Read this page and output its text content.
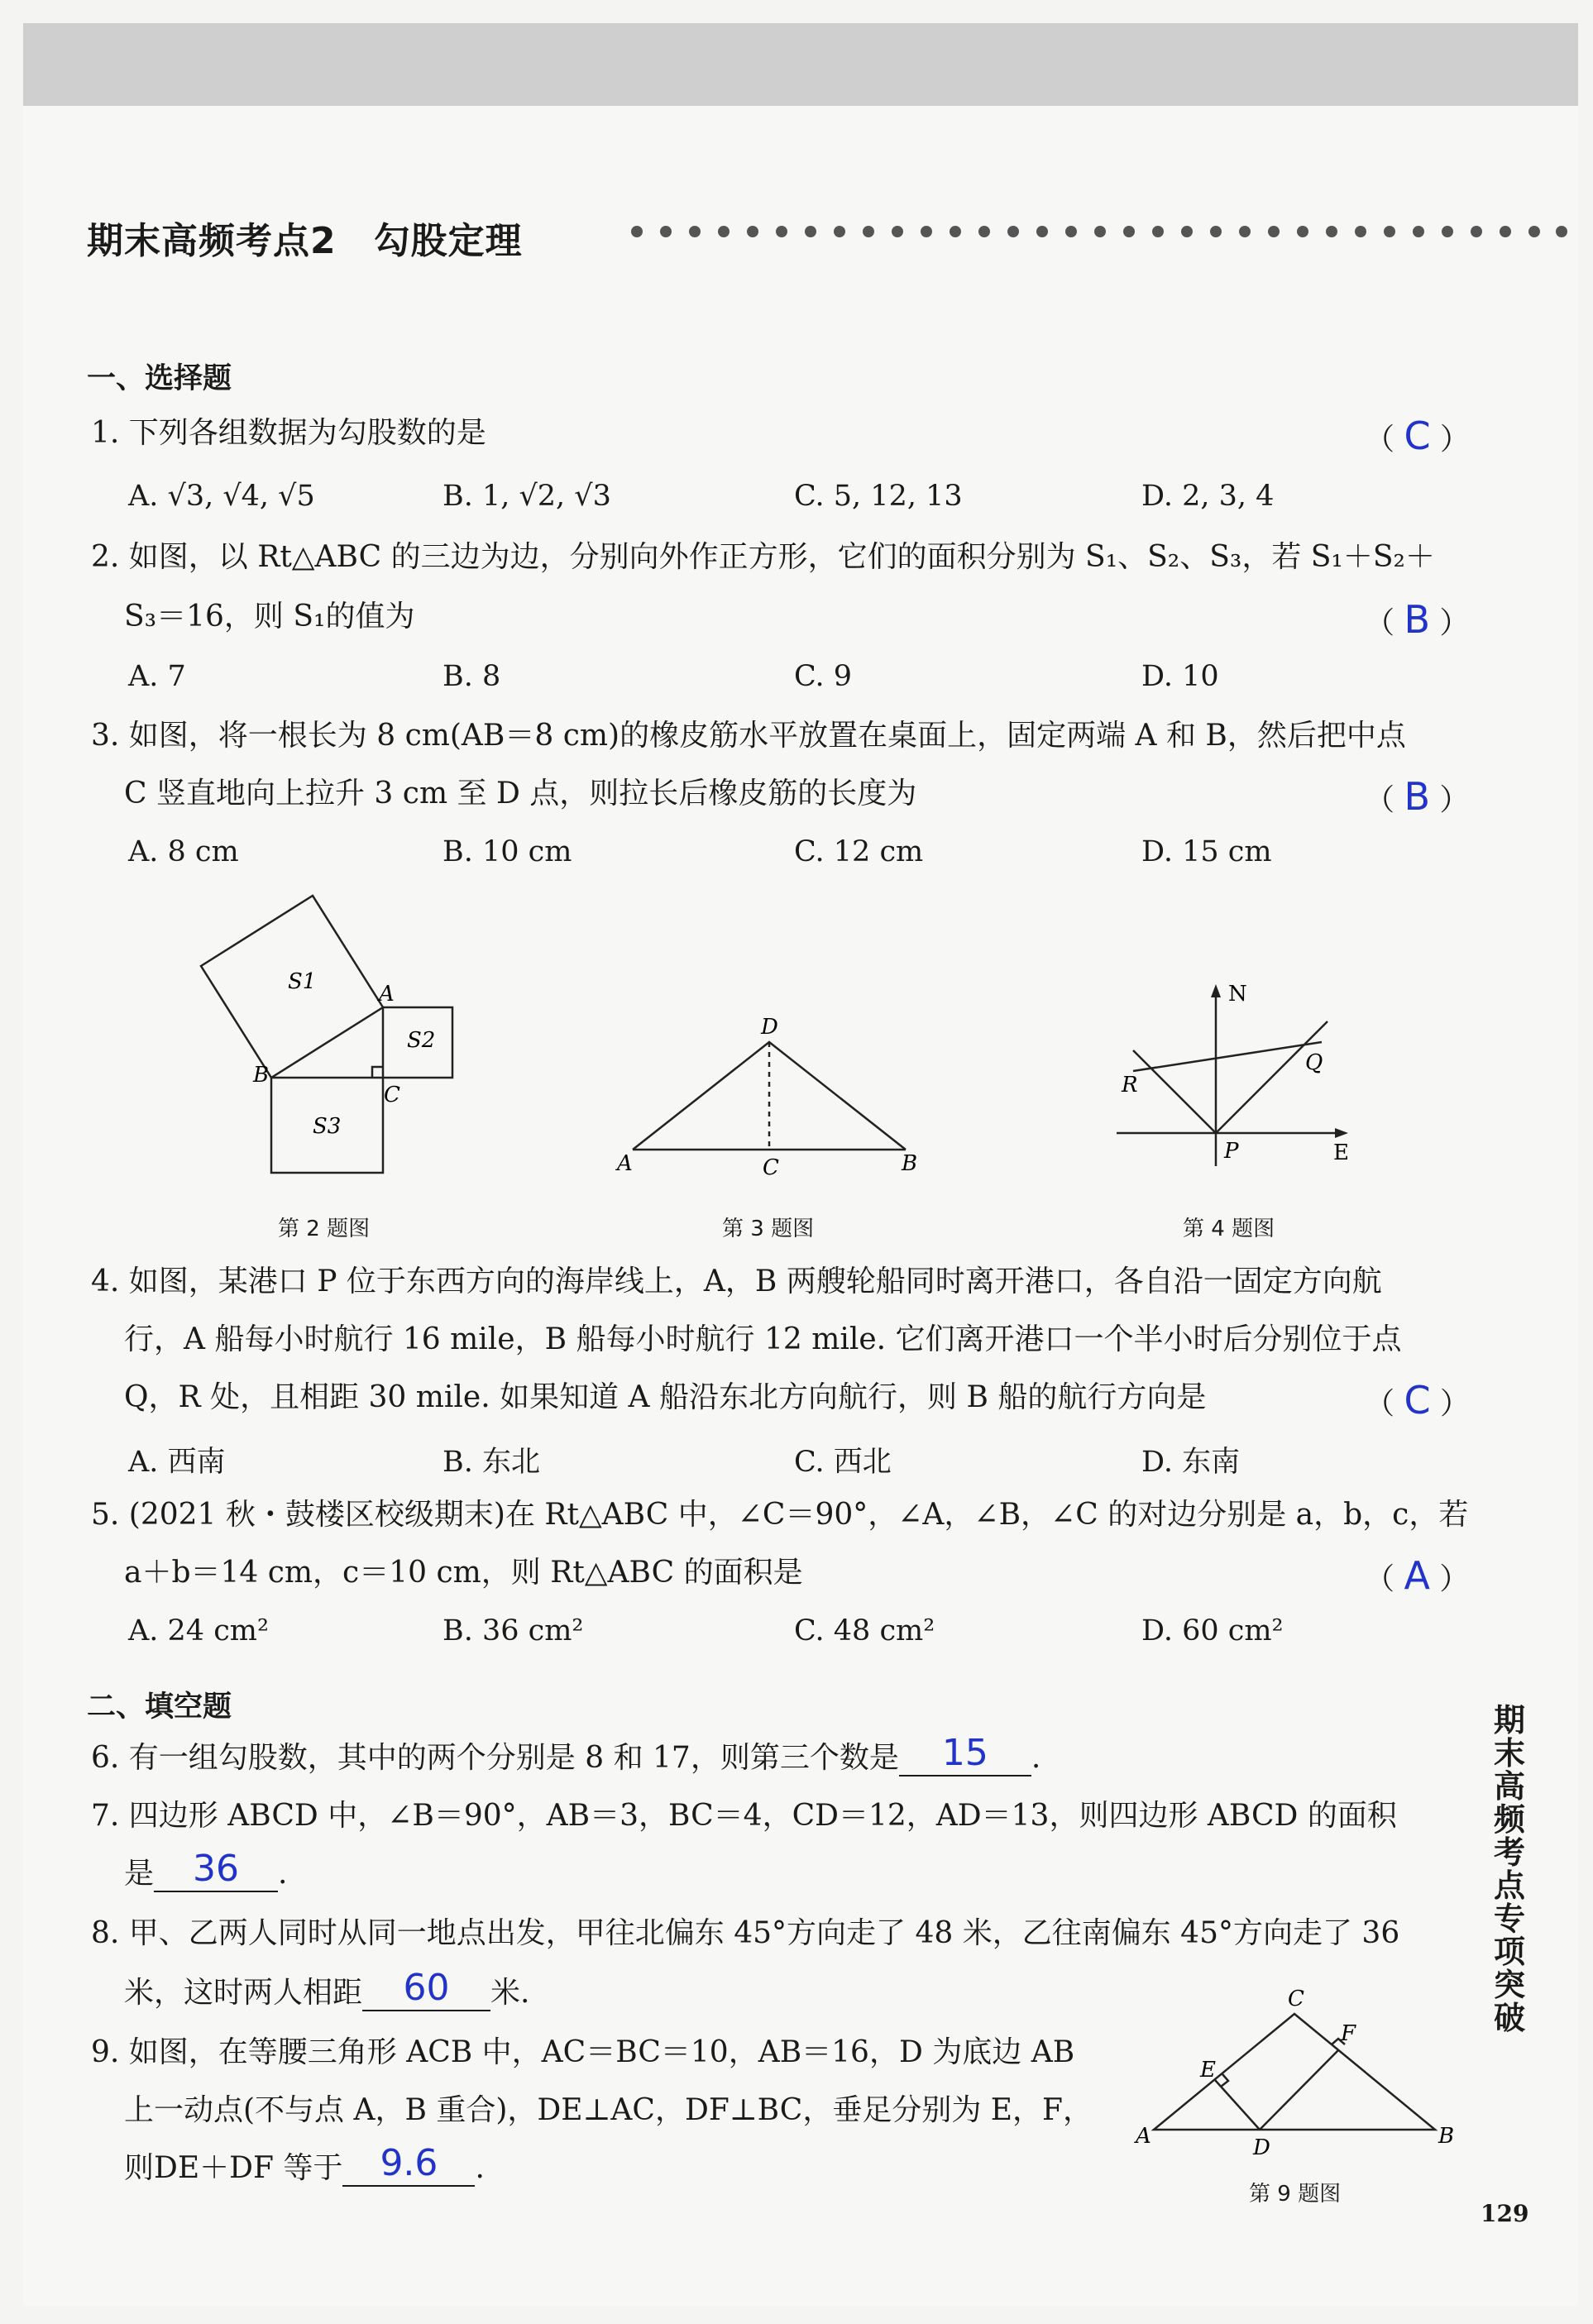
期末高频考点2　勾股定理
一、选择题
1. 下列各组数据为勾股数的是	（ C ）
A. √3, √4, √5	B. 1, √2, √3	C. 5, 12, 13	D. 2, 3, 4
2. 如图，以 Rt△ABC 的三边为边，分别向外作正方形，它们的面积分别为 S₁、S₂、S₃，若 S₁＋S₂＋
S₃＝16，则 S₁的值为	（ B ）
A. 7	B. 8	C. 9	D. 10
3. 如图，将一根长为 8 cm(AB＝8 cm)的橡皮筋水平放置在桌面上，固定两端 A 和 B，然后把中点
C 竖直地向上拉升 3 cm 至 D 点，则拉长后橡皮筋的长度为	（ B ）
A. 8 cm	B. 10 cm	C. 12 cm	D. 15 cm
S1
S2
S3
A
B
C
第 2 题图
D
A	C	B
第 3 题图
N
Q
R
P	E
第 4 题图
4. 如图，某港口 P 位于东西方向的海岸线上，A，B 两艘轮船同时离开港口，各自沿一固定方向航
行，A 船每小时航行 16 mile，B 船每小时航行 12 mile. 它们离开港口一个半小时后分别位于点
Q，R 处，且相距 30 mile. 如果知道 A 船沿东北方向航行，则 B 船的航行方向是	（ C ）
A. 西南	B. 东北	C. 西北	D. 东南
5. (2021 秋・鼓楼区校级期末)在 Rt△ABC 中，∠C＝90°，∠A，∠B，∠C 的对边分别是 a，b，c，若
a＋b＝14 cm，c＝10 cm，则 Rt△ABC 的面积是	（ A ）
A. 24 cm²	B. 36 cm²	C. 48 cm²	D. 60 cm²
二、填空题
6. 有一组勾股数，其中的两个分别是 8 和 17，则第三个数是	15	.
7. 四边形 ABCD 中，∠B＝90°，AB＝3，BC＝4，CD＝12，AD＝13，则四边形 ABCD 的面积
是	36	.
8. 甲、乙两人同时从同一地点出发，甲往北偏东 45°方向走了 48 米，乙往南偏东 45°方向走了 36
米，这时两人相距	60	米.
9. 如图，在等腰三角形 ACB 中，AC＝BC＝10，AB＝16，D 为底边 AB
上一动点(不与点 A，B 重合)，DE⊥AC，DF⊥BC，垂足分别为 E，F，
则DE＋DF 等于	9.6	.
C
F
E
A	D	B
第 9 题图
期末高频考点专项突破
129
